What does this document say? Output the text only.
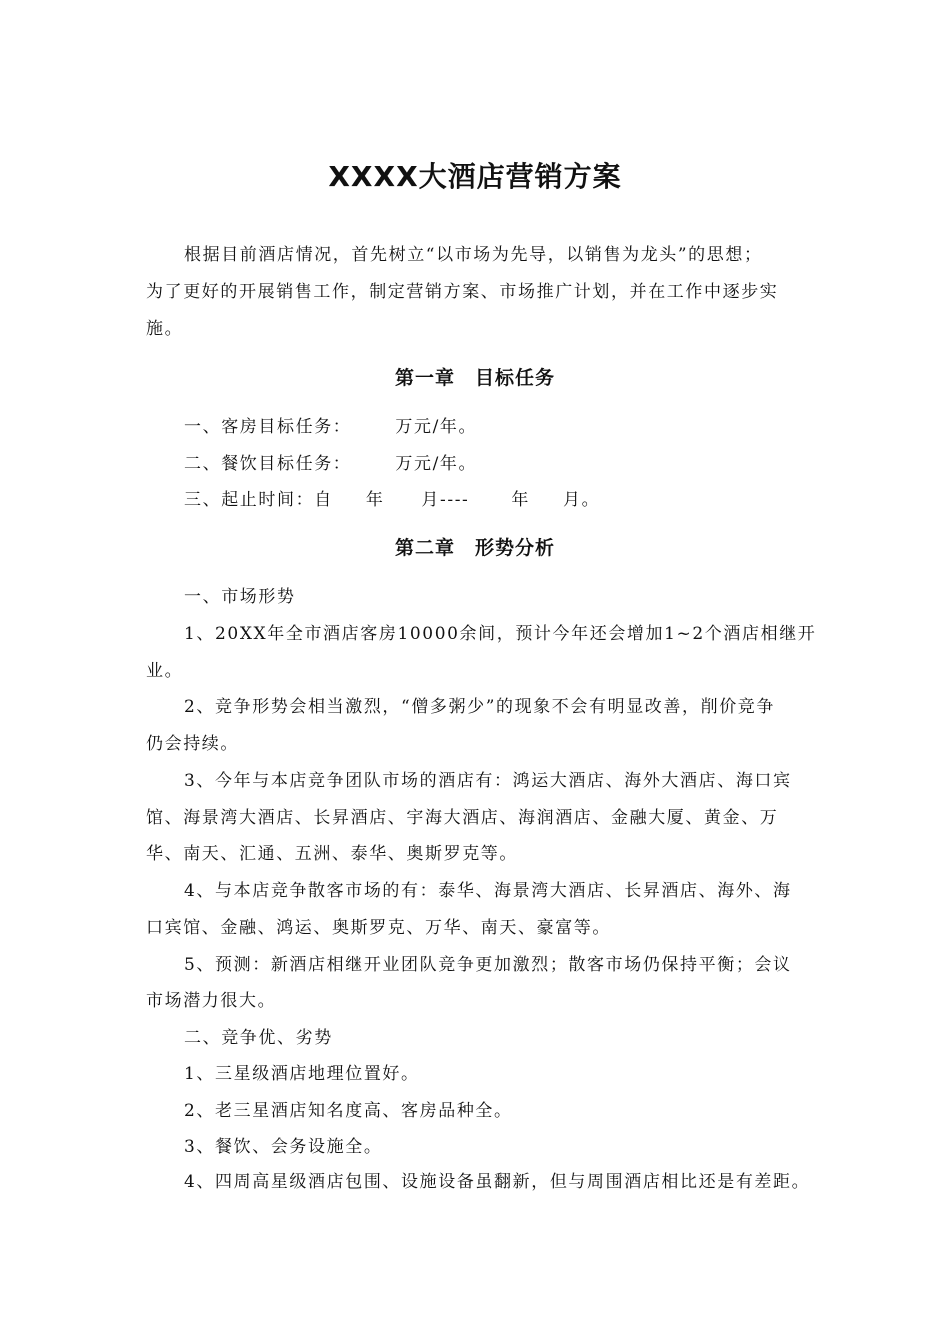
XXXX大酒店营销方案
根据目前酒店情况，首先树立“以市场为先导，以销售为龙头”的思想；
为了更好的开展销售工作，制定营销方案、市场推广计划，并在工作中逐步实
施。
第一章　目标任务
一、客房目标任务：	万元/年。
二、餐饮目标任务：	万元/年。
三、起止时间：自 年 月---- 年 月。
第二章　形势分析
一、市场形势
1、20XX年全市酒店客房10000余间，预计今年还会增加1~2个酒店相继开
业。
2、竞争形势会相当激烈，“僧多粥少”的现象不会有明显改善，削价竞争
仍会持续。
3、今年与本店竞争团队市场的酒店有：鸿运大酒店、海外大酒店、海口宾
馆、海景湾大酒店、长昇酒店、宇海大酒店、海润酒店、金融大厦、黄金、万
华、南天、汇通、五洲、泰华、奥斯罗克等。
4、与本店竞争散客市场的有：泰华、海景湾大酒店、长昇酒店、海外、海
口宾馆、金融、鸿运、奥斯罗克、万华、南天、豪富等。
5、预测：新酒店相继开业团队竞争更加激烈；散客市场仍保持平衡；会议
市场潜力很大。
二、竞争优、劣势
1、三星级酒店地理位置好。
2、老三星酒店知名度高、客房品种全。
3、餐饮、会务设施全。
4、四周高星级酒店包围、设施设备虽翻新，但与周围酒店相比还是有差距。
